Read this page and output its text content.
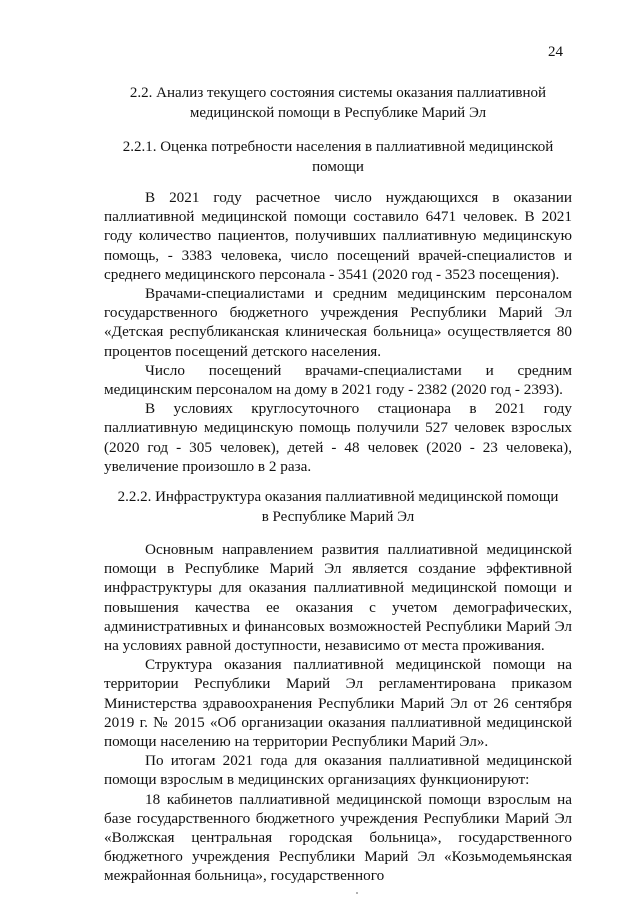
24
2.2. Анализ текущего состояния системы оказания паллиативной
медицинской помощи в Республике Марий Эл
2.2.1. Оценка потребности населения в паллиативной медицинской
помощи

В 2021 году расчетное число нуждающихся в оказании паллиативной медицинской помощи составило 6471 человек. В 2021 году количество пациентов, получивших паллиативную медицинскую помощь, - 3383 человека, число посещений врачей-специалистов и среднего медицинского персонала - 3541 (2020 год - 3523 посещения).

Врачами-специалистами и средним медицинским персоналом государственного бюджетного учреждения Республики Марий Эл «Детская республиканская клиническая больница» осуществляется 80 процентов посещений детского населения.

Число посещений врачами-специалистами и средним медицинским персоналом на дому в 2021 году - 2382 (2020 год - 2393).

В условиях круглосуточного стационара в 2021 году паллиативную медицинскую помощь получили 527 человек взрослых (2020 год - 305 человек), детей - 48 человек (2020 - 23 человека), увеличение произошло в 2 раза.

2.2.2. Инфраструктура оказания паллиативной медицинской помощи
в Республике Марий Эл

Основным направлением развития паллиативной медицинской помощи в Республике Марий Эл является создание эффективной инфраструктуры для оказания паллиативной медицинской помощи и повышения качества ее оказания с учетом демографических, административных и финансовых возможностей Республики Марий Эл на условиях равной доступности, независимо от места проживания.

Структура оказания паллиативной медицинской помощи на территории Республики Марий Эл регламентирована приказом Министерства здравоохранения Республики Марий Эл от 26 сентября 2019 г. № 2015 «Об организации оказания паллиативной медицинской помощи населению на территории Республики Марий Эл».

По итогам 2021 года для оказания паллиативной медицинской помощи взрослым в медицинских организациях функционируют:

18 кабинетов паллиативной медицинской помощи взрослым на базе государственного бюджетного учреждения Республики Марий Эл «Волжская центральная городская больница», государственного бюджетного учреждения Республики Марий Эл «Козьмодемьянская межрайонная больница», государственного
